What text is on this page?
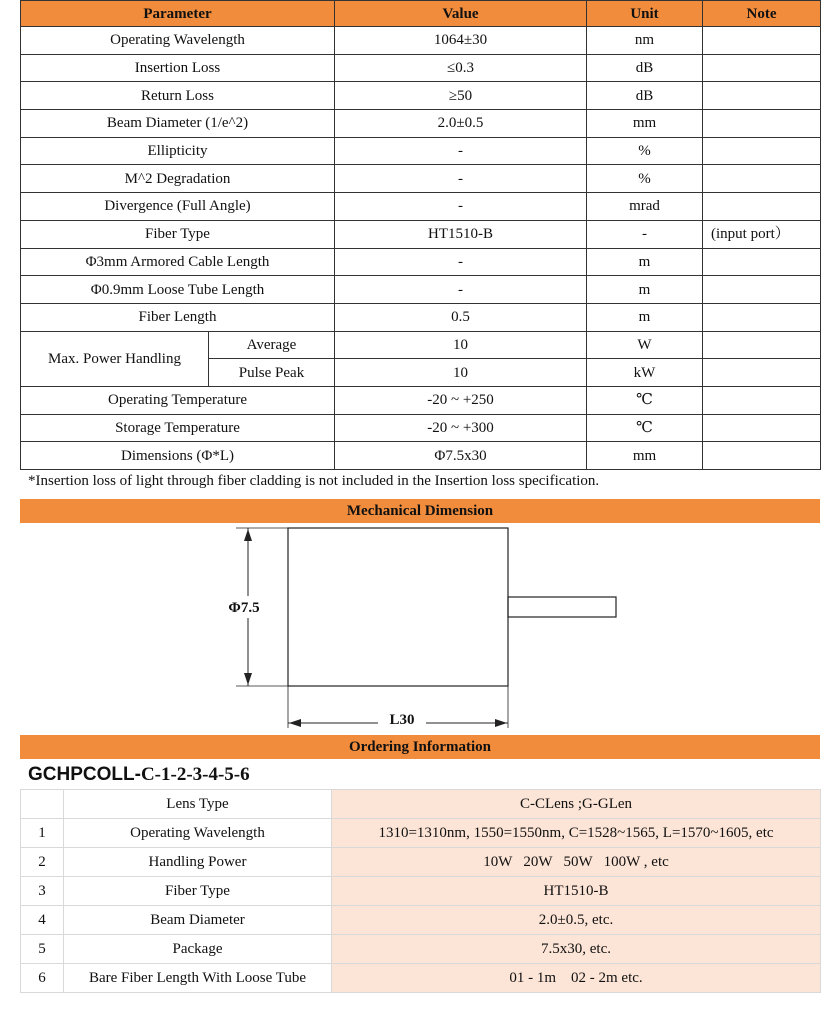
Parameter		Value	Unit	Note
Operating Wavelength		1064±30	nm	
Insertion Loss		≤0.3	dB	
Return Loss		≥50	dB	
Beam Diameter (1/e^2)		2.0±0.5	mm	
Ellipticity		-	%	
M^2 Degradation		-	%	
Divergence (Full Angle)		-	mrad	
Fiber Type		HT1510-B	-	(input port）
Φ3mm Armored Cable Length		-	m	
Φ0.9mm Loose Tube Length		-	m	
Fiber Length		0.5	m	
Max. Power Handling	Average	10	W	
	Pulse Peak	10	kW	
Operating Temperature		-20 ~ +250	℃	
Storage Temperature		-20 ~ +300	℃	
Dimensions (Φ*L)		Φ7.5x30	mm	
*Insertion loss of light through fiber cladding is not included in the Insertion loss specification.
Mechanical Dimension
Φ7.5
L30
Ordering Information
GCHPCOLL-C-1-2-3-4-5-6
	Lens Type	C-CLens ;G-GLen
1	Operating Wavelength	1310=1310nm, 1550=1550nm, C=1528~1565, L=1570~1605, etc
2	Handling Power	10W   20W   50W   100W , etc
3	Fiber Type	HT1510-B
4	Beam Diameter	2.0±0.5, etc.
5	Package	7.5x30, etc.
6	Bare Fiber Length With Loose Tube	01 - 1m    02 - 2m etc.
